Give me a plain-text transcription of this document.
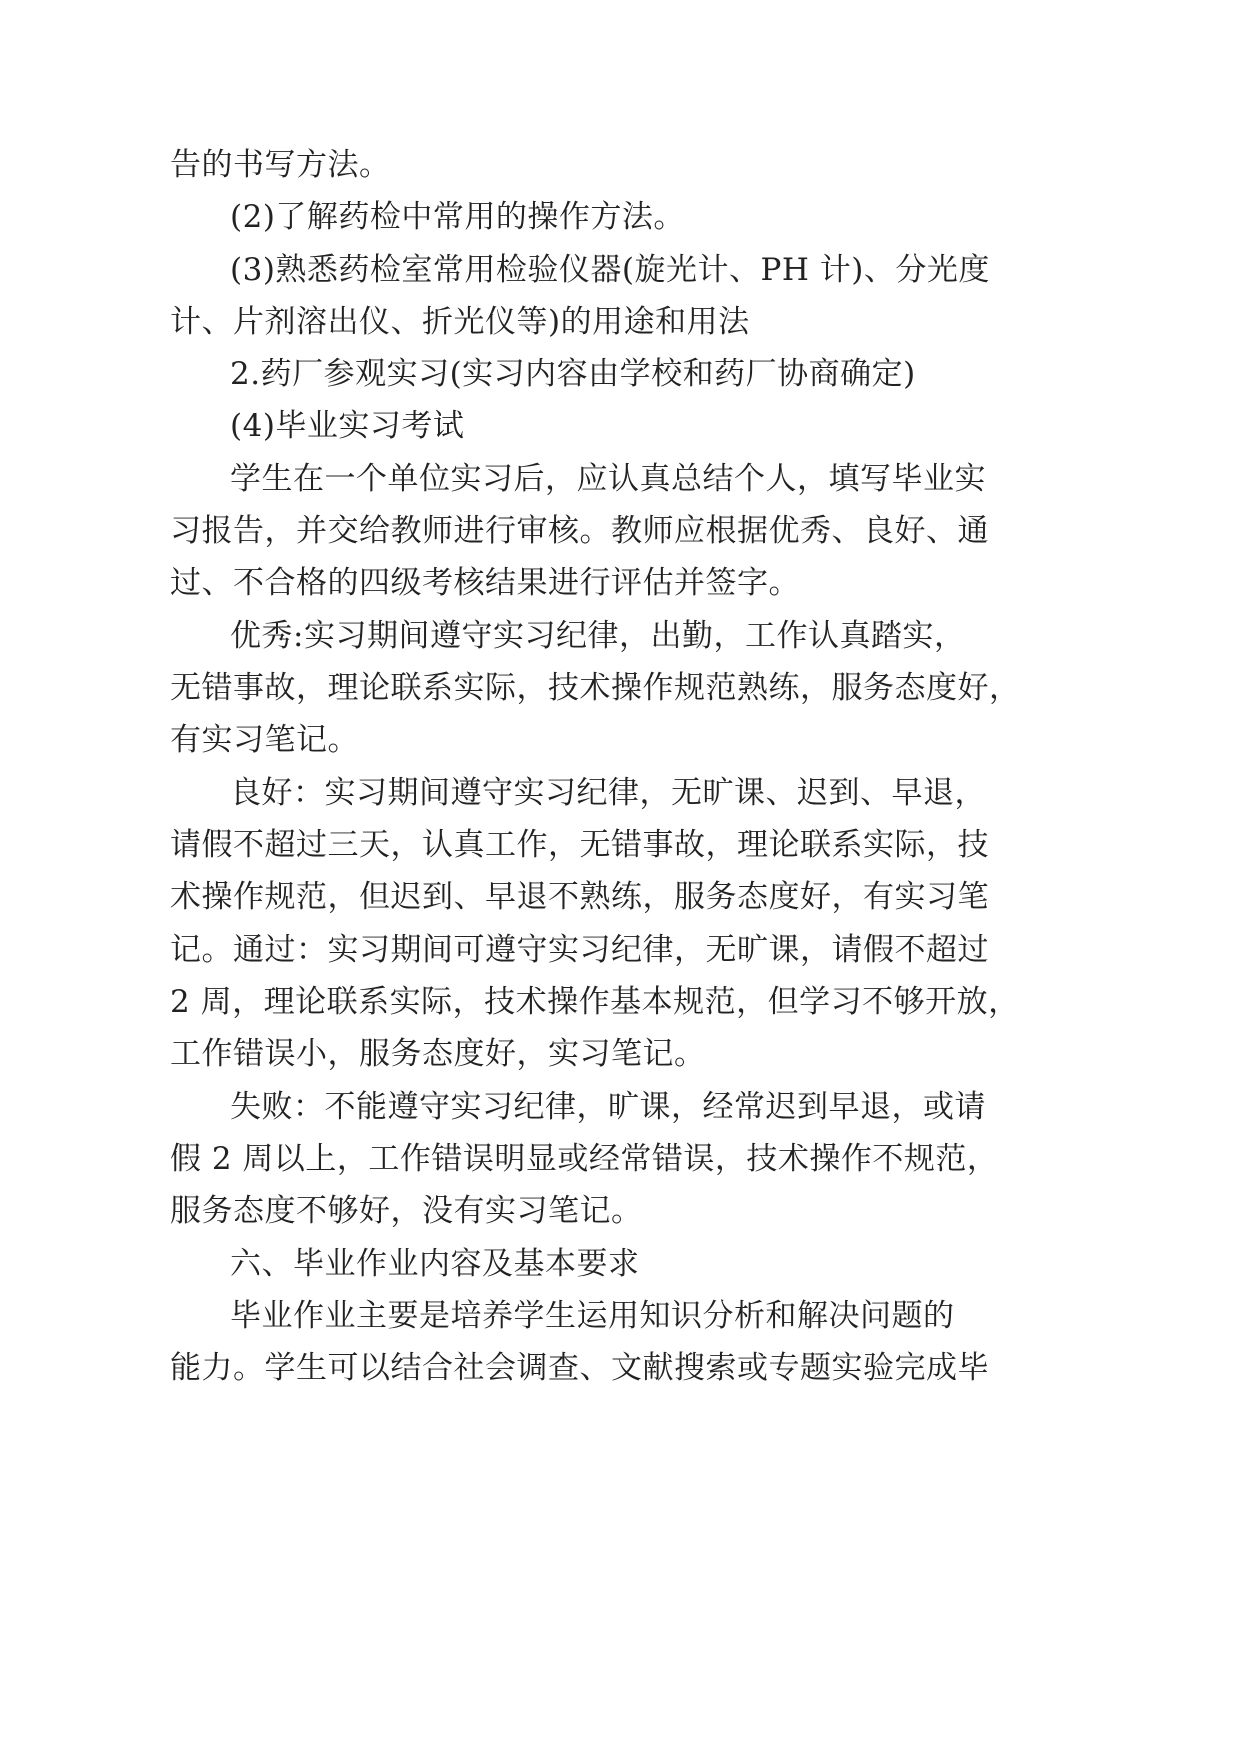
告的书写方法。
(2)了解药检中常用的操作方法。
(3)熟悉药检室常用检验仪器(旋光计、PH 计)、分光度
计、片剂溶出仪、折光仪等)的用途和用法
2.药厂参观实习(实习内容由学校和药厂协商确定)
(4)毕业实习考试
学生在一个单位实习后，应认真总结个人，填写毕业实
习报告，并交给教师进行审核。教师应根据优秀、良好、通
过、不合格的四级考核结果进行评估并签字。
优秀:实习期间遵守实习纪律，出勤，工作认真踏实，
无错事故，理论联系实际，技术操作规范熟练，服务态度好，
有实习笔记。
良好：实习期间遵守实习纪律，无旷课、迟到、早退，
请假不超过三天，认真工作，无错事故，理论联系实际，技
术操作规范，但迟到、早退不熟练，服务态度好，有实习笔
记。通过：实习期间可遵守实习纪律，无旷课，请假不超过
2 周，理论联系实际，技术操作基本规范，但学习不够开放，
工作错误小，服务态度好，实习笔记。
失败：不能遵守实习纪律，旷课，经常迟到早退，或请
假 2 周以上，工作错误明显或经常错误，技术操作不规范，
服务态度不够好，没有实习笔记。
六、毕业作业内容及基本要求
毕业作业主要是培养学生运用知识分析和解决问题的
能力。学生可以结合社会调查、文献搜索或专题实验完成毕
